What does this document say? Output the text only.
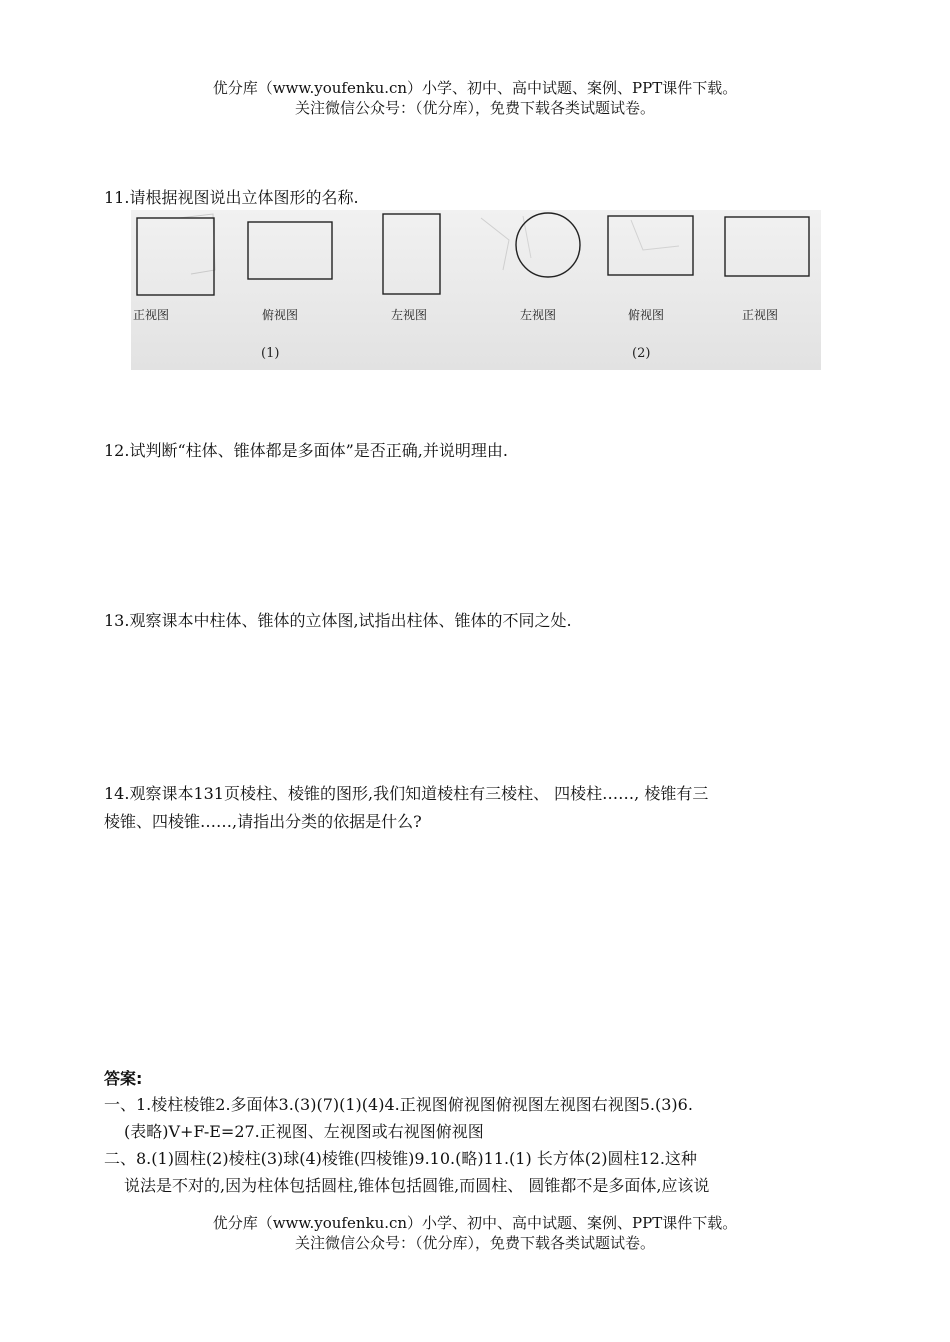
优分库（www.youfenku.cn）小学、初中、高中试题、案例、PPT课件下载。
关注微信公众号：（优分库），免费下载各类试题试卷。
11.请根据视图说出立体图形的名称.
正视图	俯视图	左视图	左视图	俯视图	正视图
(1)	(2)
12.试判断“柱体、锥体都是多面体”是否正确,并说明理由.
13.观察课本中柱体、锥体的立体图,试指出柱体、锥体的不同之处.
14.观察课本131页棱柱、棱锥的图形,我们知道棱柱有三棱柱、 四棱柱……, 棱锥有三
棱锥、四棱锥……,请指出分类的依据是什么?
答案:
一、1.棱柱棱锥2.多面体3.(3)(7)(1)(4)4.正视图俯视图俯视图左视图右视图5.(3)6.
(表略)V+F-E=27.正视图、左视图或右视图俯视图
二、8.(1)圆柱(2)棱柱(3)球(4)棱锥(四棱锥)9.10.(略)11.(1) 长方体(2)圆柱12.这种
说法是不对的,因为柱体包括圆柱,锥体包括圆锥,而圆柱、 圆锥都不是多面体,应该说
优分库（www.youfenku.cn）小学、初中、高中试题、案例、PPT课件下载。
关注微信公众号：（优分库），免费下载各类试题试卷。
